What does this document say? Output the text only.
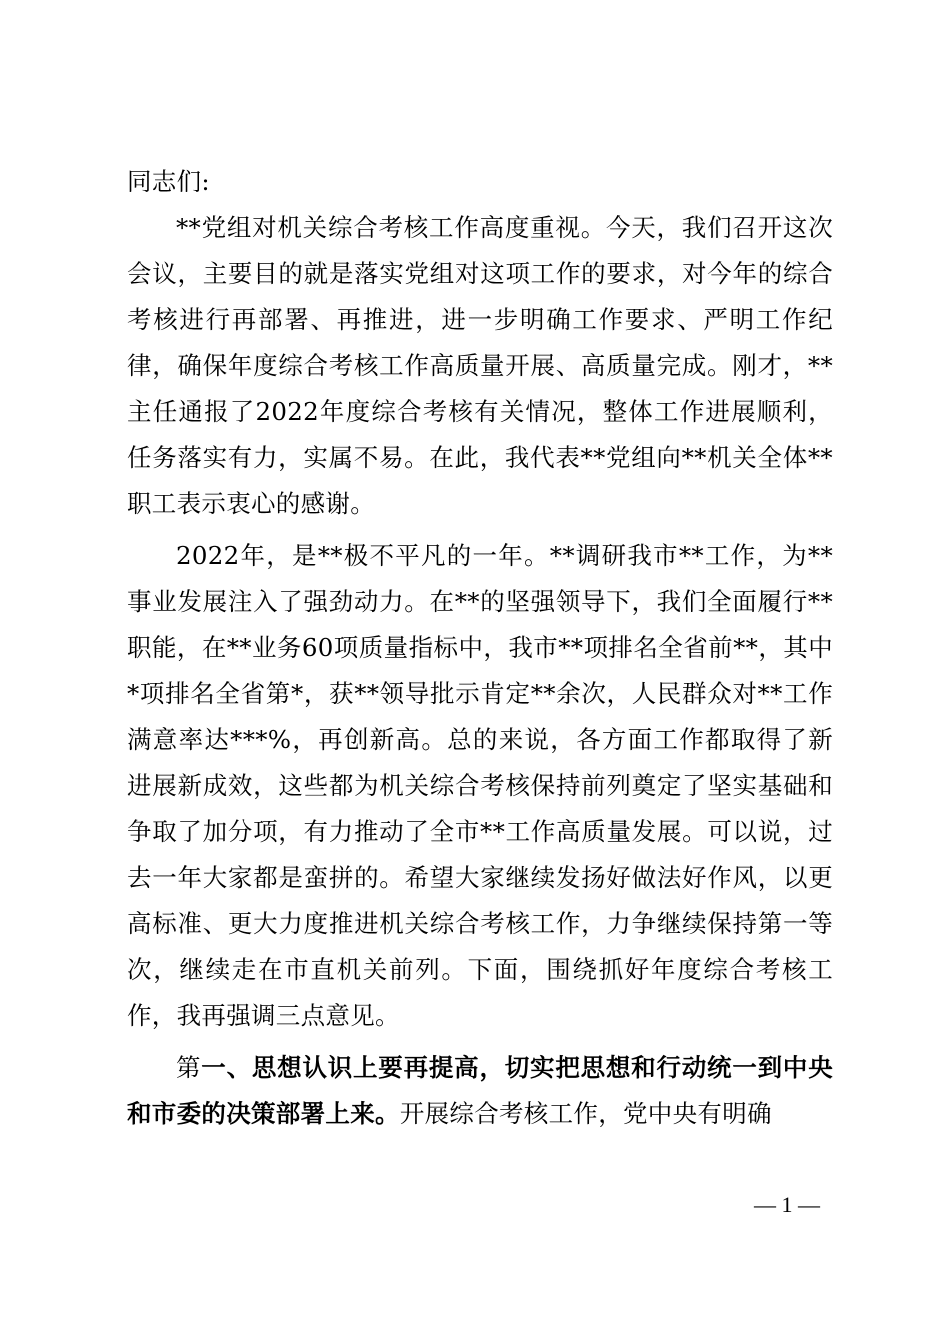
同志们:

**党组对机关综合考核工作高度重视。今天，我们召开这次会议，主要目的就是落实党组对这项工作的要求，对今年的综合考核进行再部署、再推进，进一步明确工作要求、严明工作纪律，确保年度综合考核工作高质量开展、高质量完成。刚才，**主任通报了2022年度综合考核有关情况，整体工作进展顺利，任务落实有力，实属不易。在此，我代表**党组向**机关全体**职工表示衷心的感谢。

2022年，是**极不平凡的一年。**调研我市**工作，为**事业发展注入了强劲动力。在**的坚强领导下，我们全面履行**职能，在**业务60项质量指标中，我市**项排名全省前**，其中*项排名全省第*，获**领导批示肯定**余次，人民群众对**工作满意率达***%，再创新高。总的来说，各方面工作都取得了新进展新成效，这些都为机关综合考核保持前列奠定了坚实基础和争取了加分项，有力推动了全市**工作高质量发展。可以说，过去一年大家都是蛮拼的。希望大家继续发扬好做法好作风，以更高标准、更大力度推进机关综合考核工作，力争继续保持第一等次，继续走在市直机关前列。下面，围绕抓好年度综合考核工作，我再强调三点意见。

第一、思想认识上要再提高，切实把思想和行动统一到中央和市委的决策部署上来。开展综合考核工作，党中央有明确

— 1 —
